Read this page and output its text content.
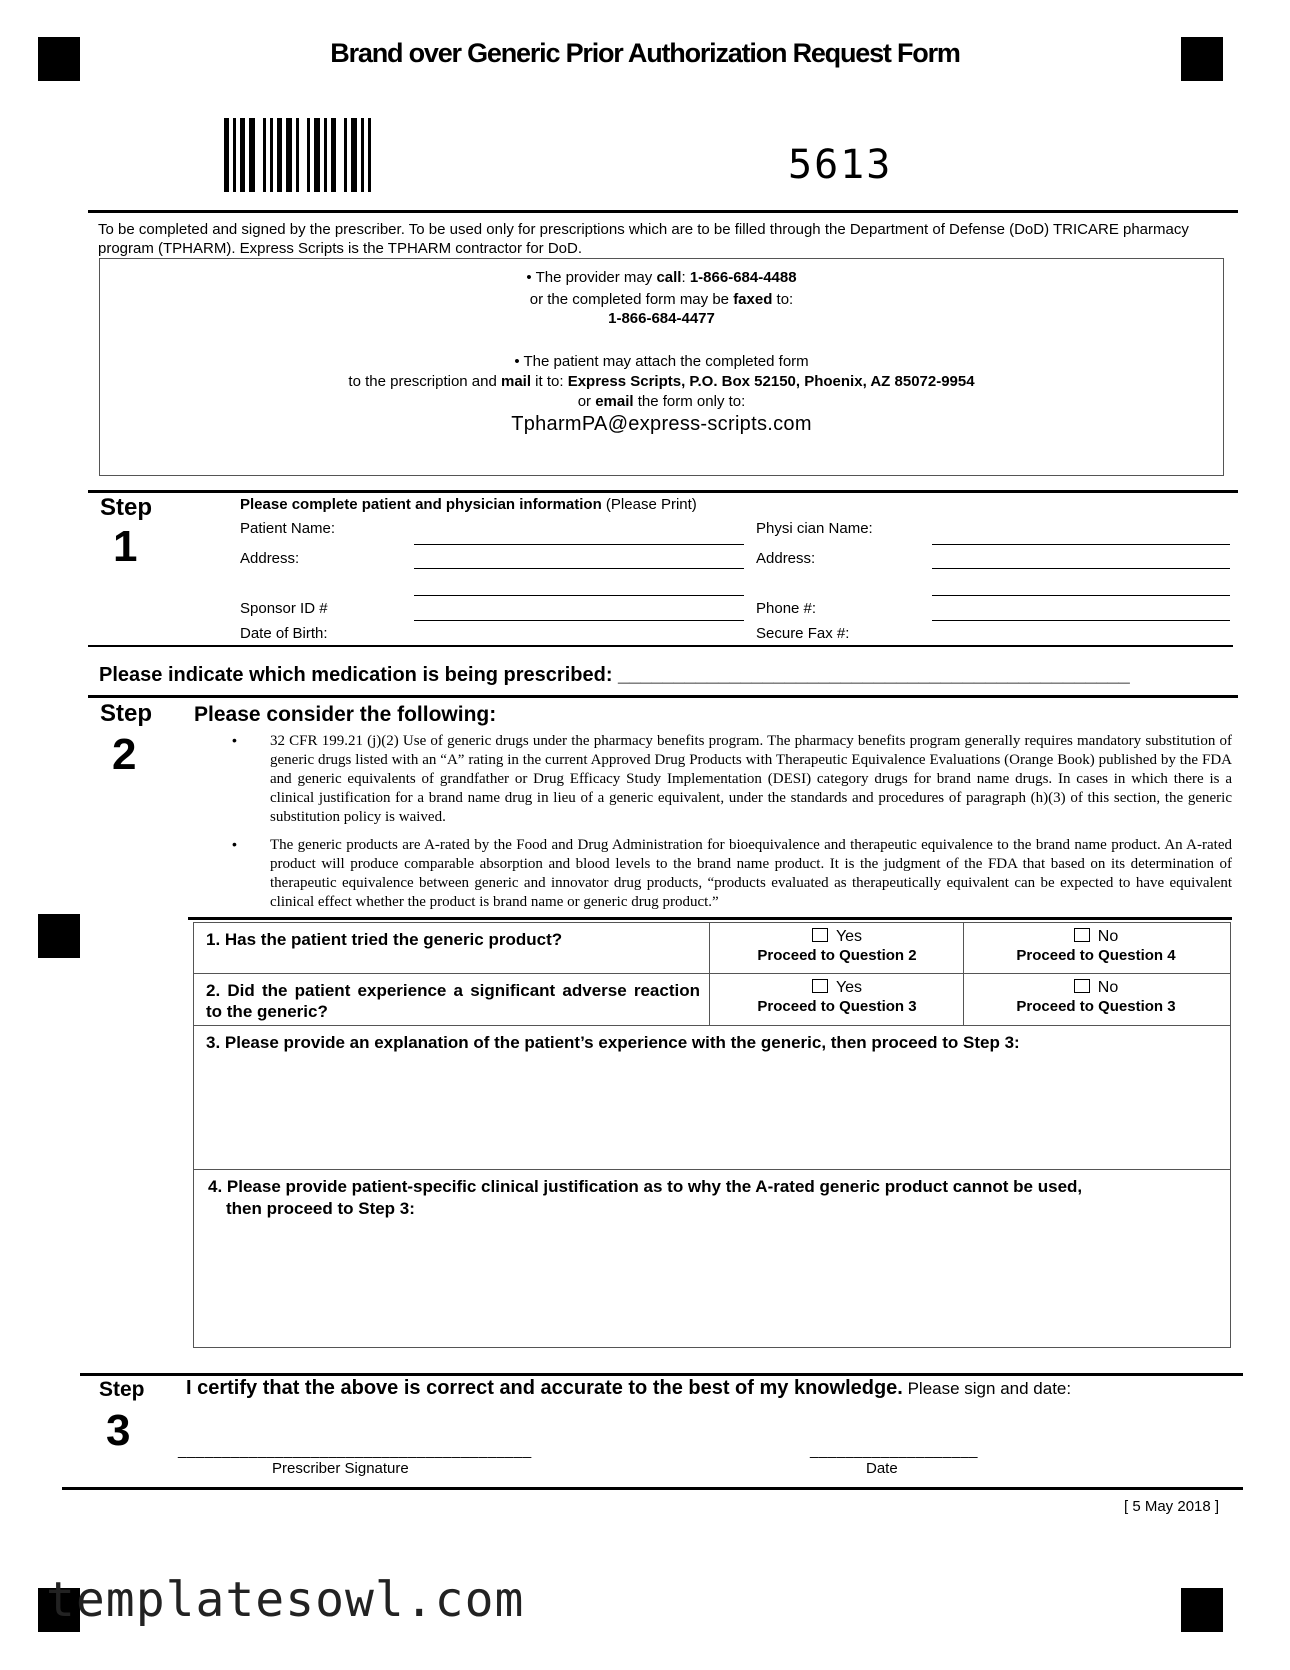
Brand over Generic Prior Authorization Request Form
5613
To be completed and signed by the prescriber. To be used only for prescriptions which are to be filled through the Department of Defense (DoD) TRICARE pharmacy program (TPHARM). Express Scripts is the TPHARM contractor for DoD.
• The provider may call: 1-866-684-4488
or the completed form may be faxed to:
1-866-684-4477
• The patient may attach the completed form
to the prescription and mail it to: Express Scripts, P.O. Box 52150, Phoenix, AZ 85072-9954
or email the form only to:
TpharmPA@express-scripts.com
Step
1
Please complete patient and physician information (Please Print)
Patient Name:
Address:
Sponsor ID #
Date of Birth:
Physi cian Name:
Address:
Phone #:
Secure Fax #:
Please indicate which medication is being prescribed: ______________________________________________
Step
2
Please consider the following:
• 32 CFR 199.21 (j)(2) Use of generic drugs under the pharmacy benefits program. The pharmacy benefits program generally requires mandatory substitution of generic drugs listed with an “A” rating in the current Approved Drug Products with Therapeutic Equivalence Evaluations (Orange Book) published by the FDA and generic equivalents of grandfather or Drug Efficacy Study Implementation (DESI) category drugs for brand name drugs. In cases in which there is a clinical justification for a brand name drug in lieu of a generic equivalent, under the standards and procedures of paragraph (h)(3) of this section, the generic substitution policy is waived.
• The generic products are A-rated by the Food and Drug Administration for bioequivalence and therapeutic equivalence to the brand name product. An A-rated product will produce comparable absorption and blood levels to the brand name product. It is the judgment of the FDA that based on its determination of therapeutic equivalence between generic and innovator drug products, “products evaluated as therapeutically equivalent can be expected to have equivalent clinical effect whether the product is brand name or generic drug product.”
1. Has the patient tried the generic product?	Yes
Proceed to Question 2
No
Proceed to Question 4
2. Did the patient experience a significant adverse reaction to the generic?
Yes
Proceed to Question 3
No
Proceed to Question 3
3. Please provide an explanation of the patient’s experience with the generic, then proceed to Step 3:
4. Please provide patient-specific clinical justification as to why the A-rated generic product cannot be used,
then proceed to Step 3:
Step
3
I certify that the above is correct and accurate to the best of my knowledge. Please sign and date:
________________________________________
Prescriber Signature
___________________
Date
[ 5 May 2018 ]
templatesowl.com
